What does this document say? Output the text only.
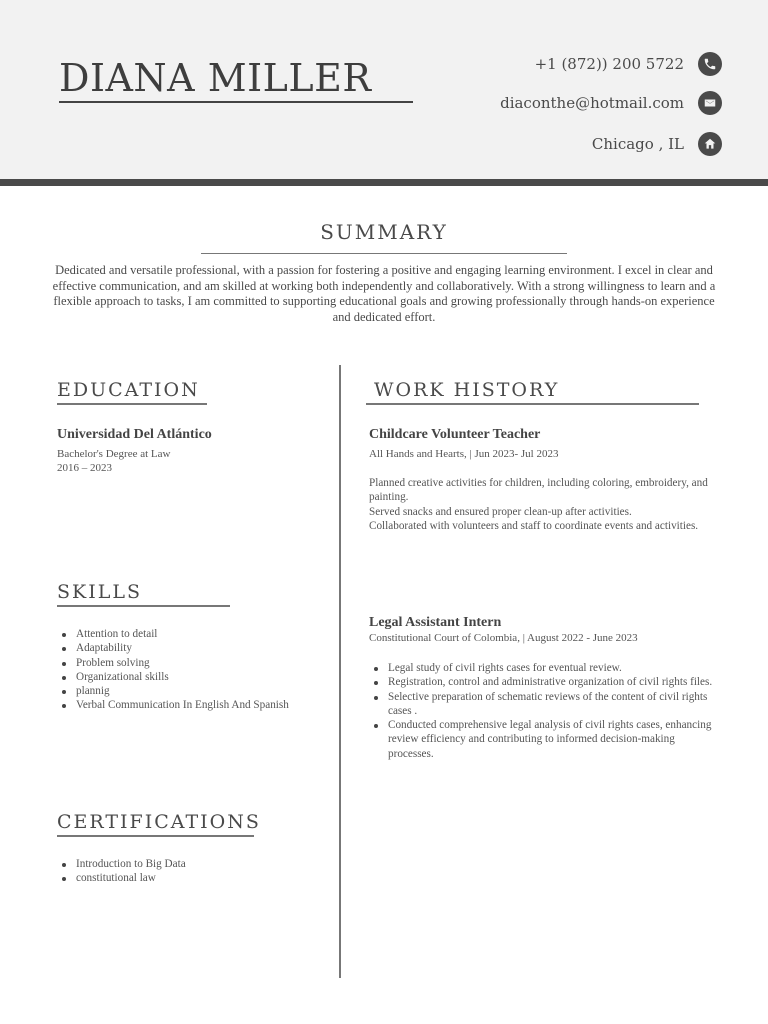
DIANA MILLER	+1 (872)) 200 5722
diaconthe@hotmail.com
Chicago , IL
SUMMARY
Dedicated and versatile professional, with a passion for fostering a positive and engaging learning environment. I excel in clear and effective communication, and am skilled at working both independently and collaboratively. With a strong willingness to learn and a flexible approach to tasks, I am committed to supporting educational goals and growing professionally through hands-on experience and dedicated effort.
EDUCATION
Universidad Del Atlántico
Bachelor's Degree at Law
2016 – 2023
SKILLS
Attention to detail
Adaptability
Problem solving
Organizational skills
plannig
Verbal Communication In English And Spanish
CERTIFICATIONS
Introduction to Big Data
constitutional law
WORK HISTORY
Childcare Volunteer Teacher
All Hands and Hearts, | Jun 2023- Jul 2023
Planned creative activities for children, including coloring, embroidery, and painting.
Served snacks and ensured proper clean-up after activities.
Collaborated with volunteers and staff to coordinate events and activities.
Legal Assistant Intern
Constitutional Court of Colombia, | August 2022 - June 2023
Legal study of civil rights cases for eventual review.
Registration, control and administrative organization of civil rights files.
Selective preparation of schematic reviews of the content of civil rights cases .
Conducted comprehensive legal analysis of civil rights cases, enhancing review efficiency and contributing to informed decision-making processes.
